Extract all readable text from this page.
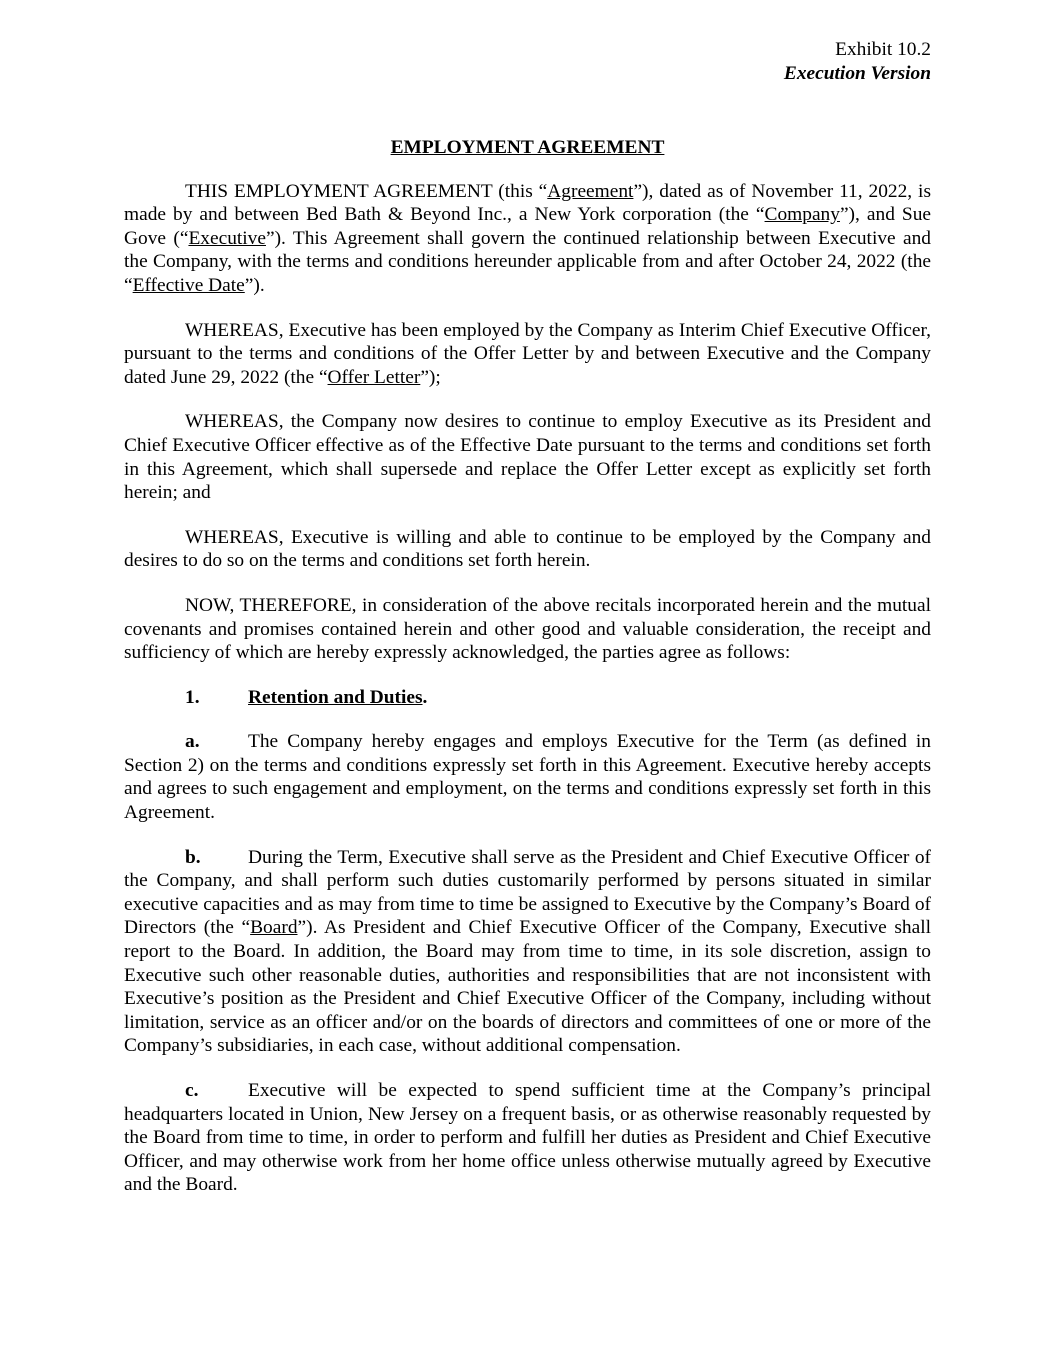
Exhibit 10.2
Execution Version
EMPLOYMENT AGREEMENT

THIS EMPLOYMENT AGREEMENT (this “Agreement”), dated as of November 11, 2022, is made by and between Bed Bath & Beyond Inc., a New York corporation (the “Company”), and Sue Gove (“Executive”). This Agreement shall govern the continued relationship between Executive and the Company, with the terms and conditions hereunder applicable from and after October 24, 2022 (the “Effective Date”).

WHEREAS, Executive has been employed by the Company as Interim Chief Executive Officer, pursuant to the terms and conditions of the Offer Letter by and between Executive and the Company dated June 29, 2022 (the “Offer Letter”);

WHEREAS, the Company now desires to continue to employ Executive as its President and Chief Executive Officer effective as of the Effective Date pursuant to the terms and conditions set forth in this Agreement, which shall supersede and replace the Offer Letter except as explicitly set forth herein; and

WHEREAS, Executive is willing and able to continue to be employed by the Company and desires to do so on the terms and conditions set forth herein.

NOW, THEREFORE, in consideration of the above recitals incorporated herein and the mutual covenants and promises contained herein and other good and valuable consideration, the receipt and sufficiency of which are hereby expressly acknowledged, the parties agree as follows:

1. Retention and Duties.

a. The Company hereby engages and employs Executive for the Term (as defined in Section 2) on the terms and conditions expressly set forth in this Agreement. Executive hereby accepts and agrees to such engagement and employment, on the terms and conditions expressly set forth in this Agreement.

b. During the Term, Executive shall serve as the President and Chief Executive Officer of the Company, and shall perform such duties customarily performed by persons situated in similar executive capacities and as may from time to time be assigned to Executive by the Company’s Board of Directors (the “Board”). As President and Chief Executive Officer of the Company, Executive shall report to the Board. In addition, the Board may from time to time, in its sole discretion, assign to Executive such other reasonable duties, authorities and responsibilities that are not inconsistent with Executive’s position as the President and Chief Executive Officer of the Company, including without limitation, service as an officer and/or on the boards of directors and committees of one or more of the Company’s subsidiaries, in each case, without additional compensation.

c.	Executive will be expected to spend sufficient time at the Company’s principal headquarters located in Union, New Jersey on a frequent basis, or as otherwise reasonably requested by the Board from time to time, in order to perform and fulfill her duties as President and Chief Executive Officer, and may otherwise work from her home office unless otherwise mutually agreed by Executive and the Board.
